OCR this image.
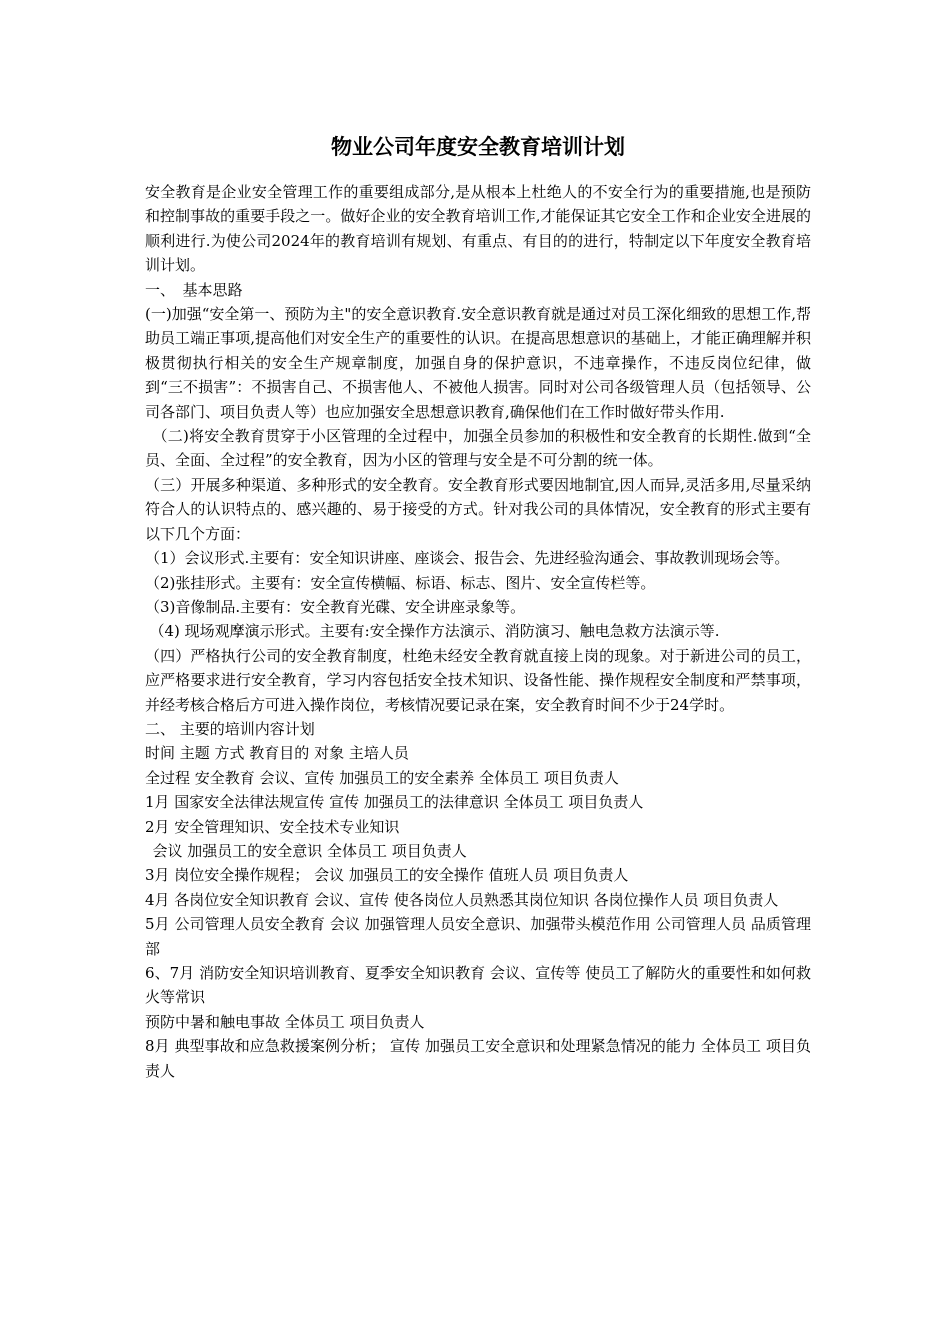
物业公司年度安全教育培训计划

安全教育是企业安全管理工作的重要组成部分,是从根本上杜绝人的不安全行为的重要措施,也是预防和控制事故的重要手段之一。做好企业的安全教育培训工作,才能保证其它安全工作和企业安全进展的顺利进行.为使公司2024年的教育培训有规划、有重点、有目的的进行，特制定以下年度安全教育培训计划。

一、　基本思路

(一)加强“安全第一、预防为主"的安全意识教育.安全意识教育就是通过对员工深化细致的思想工作,帮助员工端正事项,提高他们对安全生产的重要性的认识。在提高思想意识的基础上，才能正确理解并积极贯彻执行相关的安全生产规章制度，加强自身的保护意识，不违章操作，不违反岗位纪律，做到“三不损害”：不损害自己、不损害他人、不被他人损害。同时对公司各级管理人员（包括领导、公司各部门、项目负责人等）也应加强安全思想意识教育,确保他们在工作时做好带头作用.

（二)将安全教育贯穿于小区管理的全过程中，加强全员参加的积极性和安全教育的长期性.做到“全员、全面、全过程”的安全教育，因为小区的管理与安全是不可分割的统一体。

（三）开展多种渠道、多种形式的安全教育。安全教育形式要因地制宜,因人而异,灵活多用,尽量采纳符合人的认识特点的、感兴趣的、易于接受的方式。针对我公司的具体情况，安全教育的形式主要有以下几个方面：

（1）会议形式.主要有：安全知识讲座、座谈会、报告会、先进经验沟通会、事故教训现场会等。

（2)张挂形式。主要有：安全宣传横幅、标语、标志、图片、安全宣传栏等。

（3)音像制品.主要有：安全教育光碟、安全讲座录象等。

（4) 现场观摩演示形式。主要有:安全操作方法演示、消防演习、触电急救方法演示等.

（四）严格执行公司的安全教育制度，杜绝未经安全教育就直接上岗的现象。对于新进公司的员工，应严格要求进行安全教育，学习内容包括安全技术知识、设备性能、操作规程安全制度和严禁事项，并经考核合格后方可进入操作岗位，考核情况要记录在案，安全教育时间不少于24学时。

二、 主要的培训内容计划

时间 主题 方式 教育目的 对象 主培人员

全过程 安全教育 会议、宣传 加强员工的安全素养 全体员工 项目负责人

1月 国家安全法律法规宣传 宣传 加强员工的法律意识 全体员工 项目负责人

2月 安全管理知识、安全技术专业知识

会议 加强员工的安全意识 全体员工 项目负责人

3月 岗位安全操作规程； 会议 加强员工的安全操作 值班人员 项目负责人

4月 各岗位安全知识教育 会议、宣传 使各岗位人员熟悉其岗位知识 各岗位操作人员 项目负责人

5月 公司管理人员安全教育 会议 加强管理人员安全意识、加强带头模范作用 公司管理人员 品质管理部

6、7月 消防安全知识培训教育、夏季安全知识教育 会议、宣传等 使员工了解防火的重要性和如何救火等常识

预防中暑和触电事故 全体员工 项目负责人

8月 典型事故和应急救援案例分析； 宣传 加强员工安全意识和处理紧急情况的能力 全体员工 项目负责人
